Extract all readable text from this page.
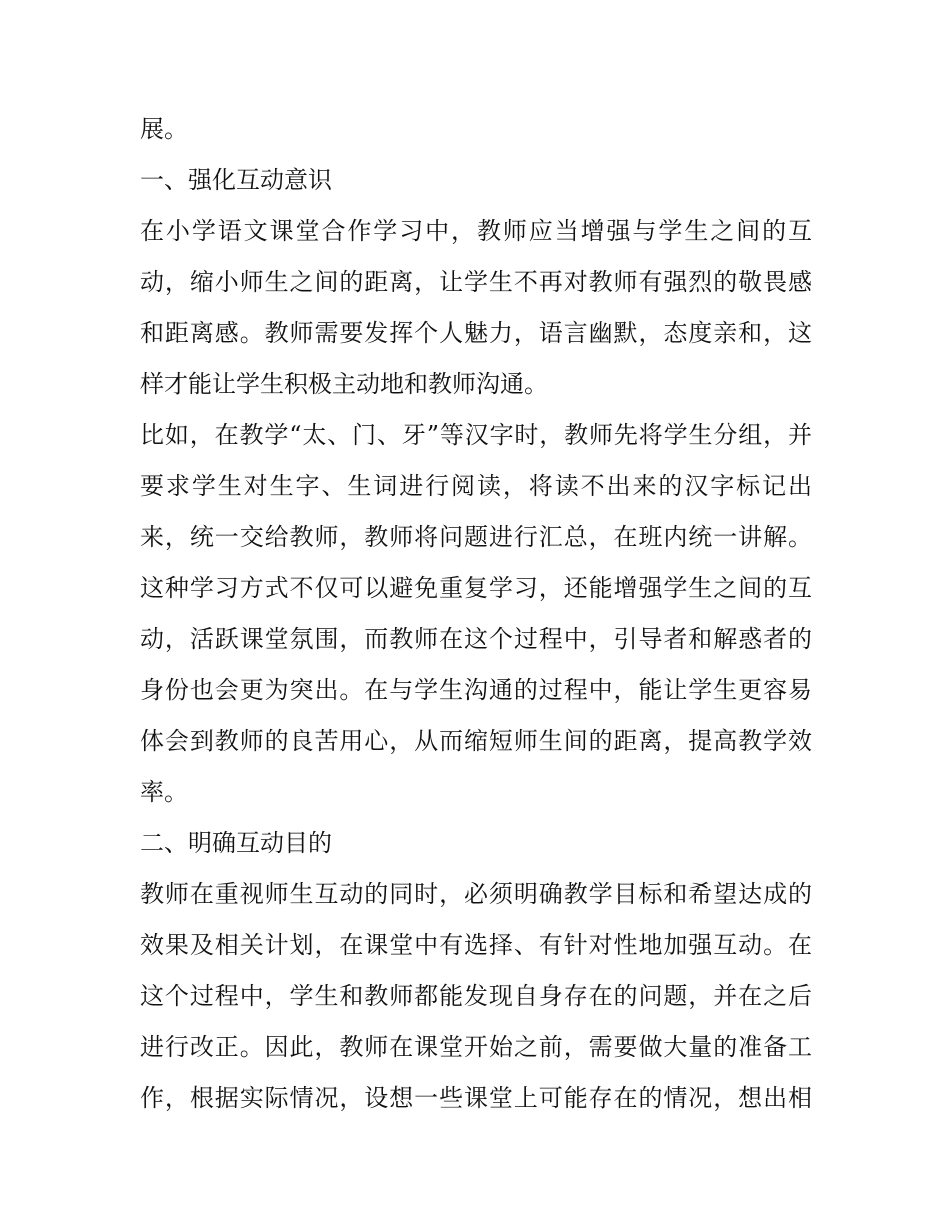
展。
一、强化互动意识
在小学语文课堂合作学习中，教师应当增强与学生之间的互
动，缩小师生之间的距离，让学生不再对教师有强烈的敬畏感
和距离感。教师需要发挥个人魅力，语言幽默，态度亲和，这
样才能让学生积极主动地和教师沟通。
比如，在教学“太、门、牙”等汉字时，教师先将学生分组，并
要求学生对生字、生词进行阅读，将读不出来的汉字标记出
来，统一交给教师，教师将问题进行汇总，在班内统一讲解。
这种学习方式不仅可以避免重复学习，还能增强学生之间的互
动，活跃课堂氛围，而教师在这个过程中，引导者和解惑者的
身份也会更为突出。在与学生沟通的过程中，能让学生更容易
体会到教师的良苦用心，从而缩短师生间的距离，提高教学效
率。
二、明确互动目的
教师在重视师生互动的同时，必须明确教学目标和希望达成的
效果及相关计划，在课堂中有选择、有针对性地加强互动。在
这个过程中，学生和教师都能发现自身存在的问题，并在之后
进行改正。因此，教师在课堂开始之前，需要做大量的准备工
作，根据实际情况，设想一些课堂上可能存在的情况，想出相
